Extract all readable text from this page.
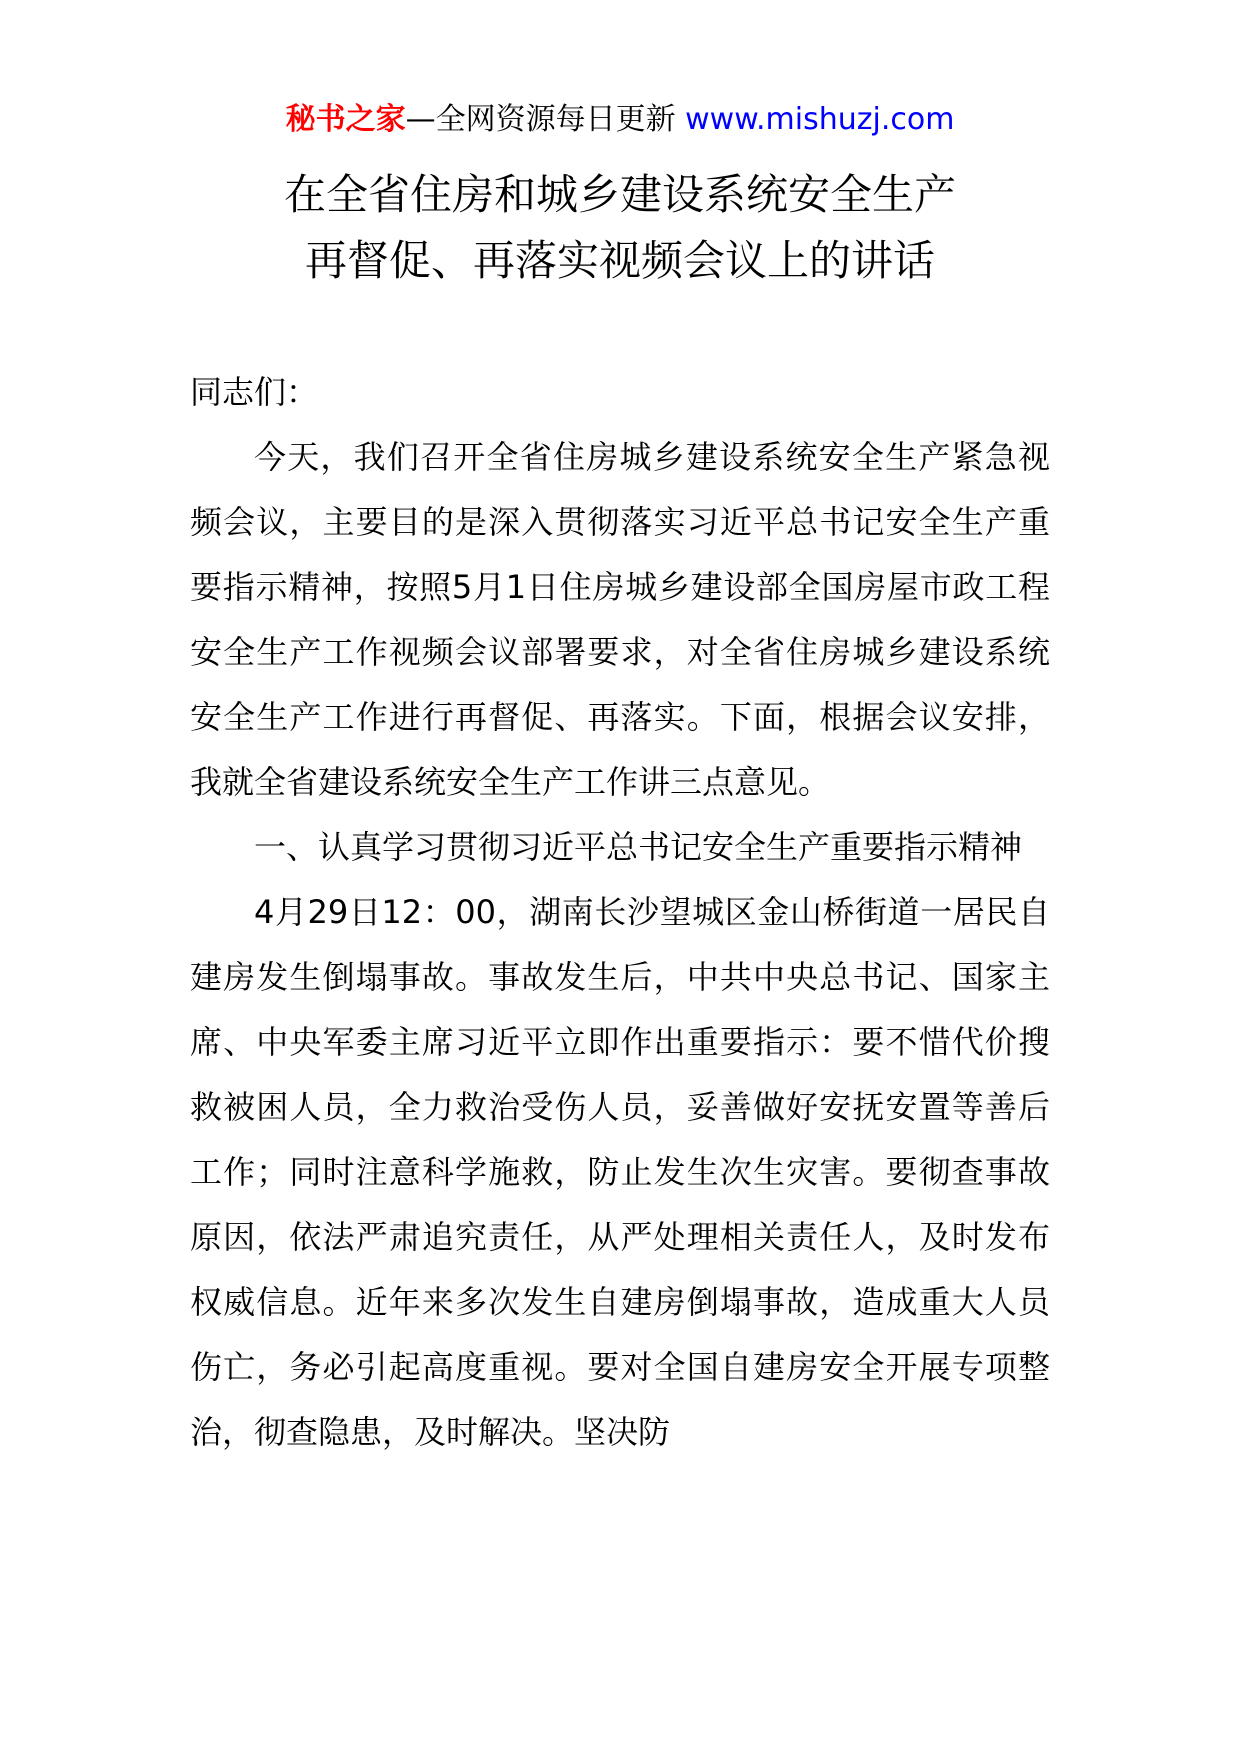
秘书之家—全网资源每日更新 www.mishuzj.com
在全省住房和城乡建设系统安全生产
再督促、再落实视频会议上的讲话

同志们：

今天，我们召开全省住房城乡建设系统安全生产紧急视频会议，主要目的是深入贯彻落实习近平总书记安全生产重要指示精神，按照5月1日住房城乡建设部全国房屋市政工程安全生产工作视频会议部署要求，对全省住房城乡建设系统安全生产工作进行再督促、再落实。下面，根据会议安排，我就全省建设系统安全生产工作讲三点意见。

一、认真学习贯彻习近平总书记安全生产重要指示精神

4月29日12：00，湖南长沙望城区金山桥街道一居民自建房发生倒塌事故。事故发生后，中共中央总书记、国家主席、中央军委主席习近平立即作出重要指示：要不惜代价搜救被困人员，全力救治受伤人员，妥善做好安抚安置等善后工作；同时注意科学施救，防止发生次生灾害。要彻查事故原因，依法严肃追究责任，从严处理相关责任人，及时发布权威信息。近年来多次发生自建房倒塌事故，造成重大人员伤亡，务必引起高度重视。要对全国自建房安全开展专项整治，彻查隐患，及时解决。坚决防
